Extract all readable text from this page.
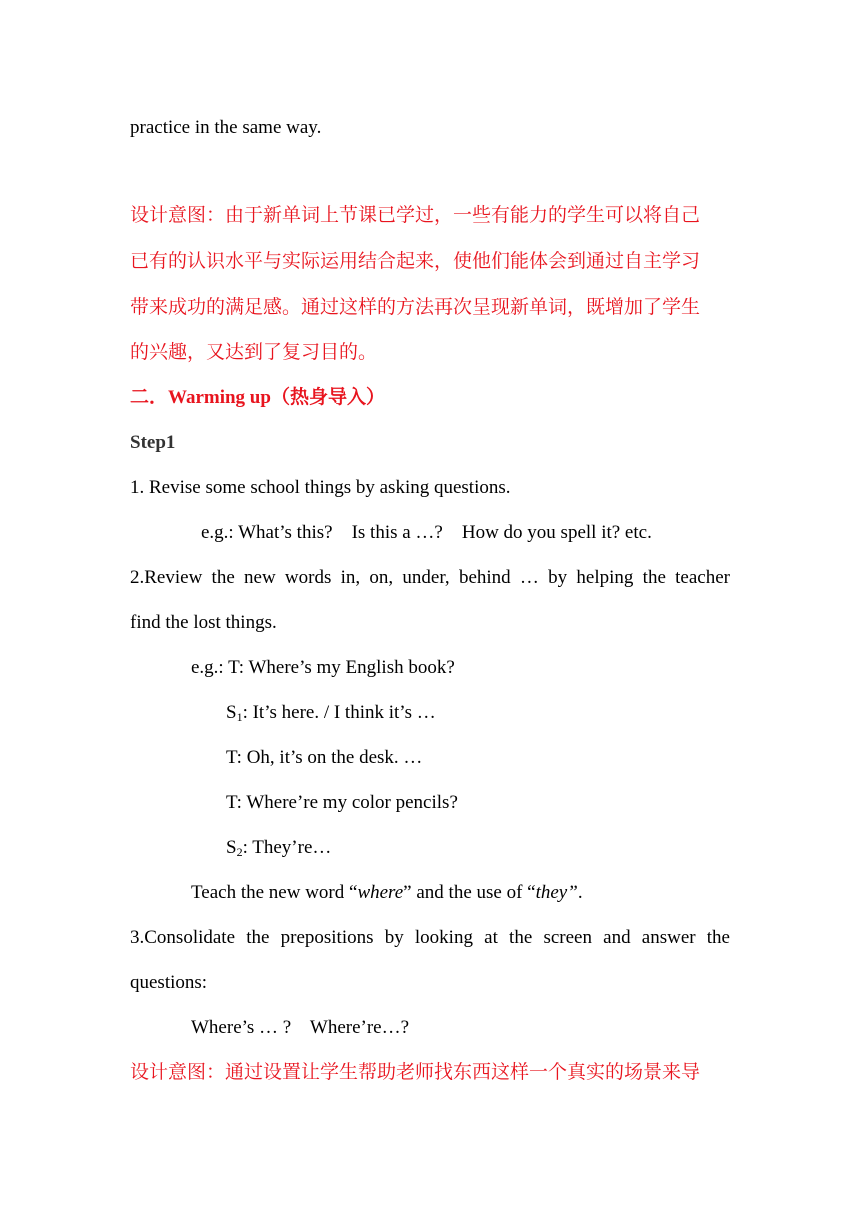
practice in the same way.
设计意图：由于新单词上节课已学过，一些有能力的学生可以将自己
已有的认识水平与实际运用结合起来，使他们能体会到通过自主学习
带来成功的满足感。通过这样的方法再次呈现新单词，既增加了学生
的兴趣，又达到了复习目的。
二．Warming up（热身导入）
Step1
1. Revise some school things by asking questions.
e.g.: What’s this?    Is this a …?    How do you spell it? etc.
2.Review the new words in, on, under, behind … by helping the teacher
find the lost things.
e.g.: T: Where’s my English book?
$S_1$: It’s here. / I think it’s …
T: Oh, it’s on the desk. …
T: Where’re my color pencils?
$S_2$: They’re…
Teach the new word “where” and the use of “they”.
3.Consolidate the prepositions by looking at the screen and answer the
questions:
Where’s … ?    Where’re…?
设计意图：通过设置让学生帮助老师找东西这样一个真实的场景来导
